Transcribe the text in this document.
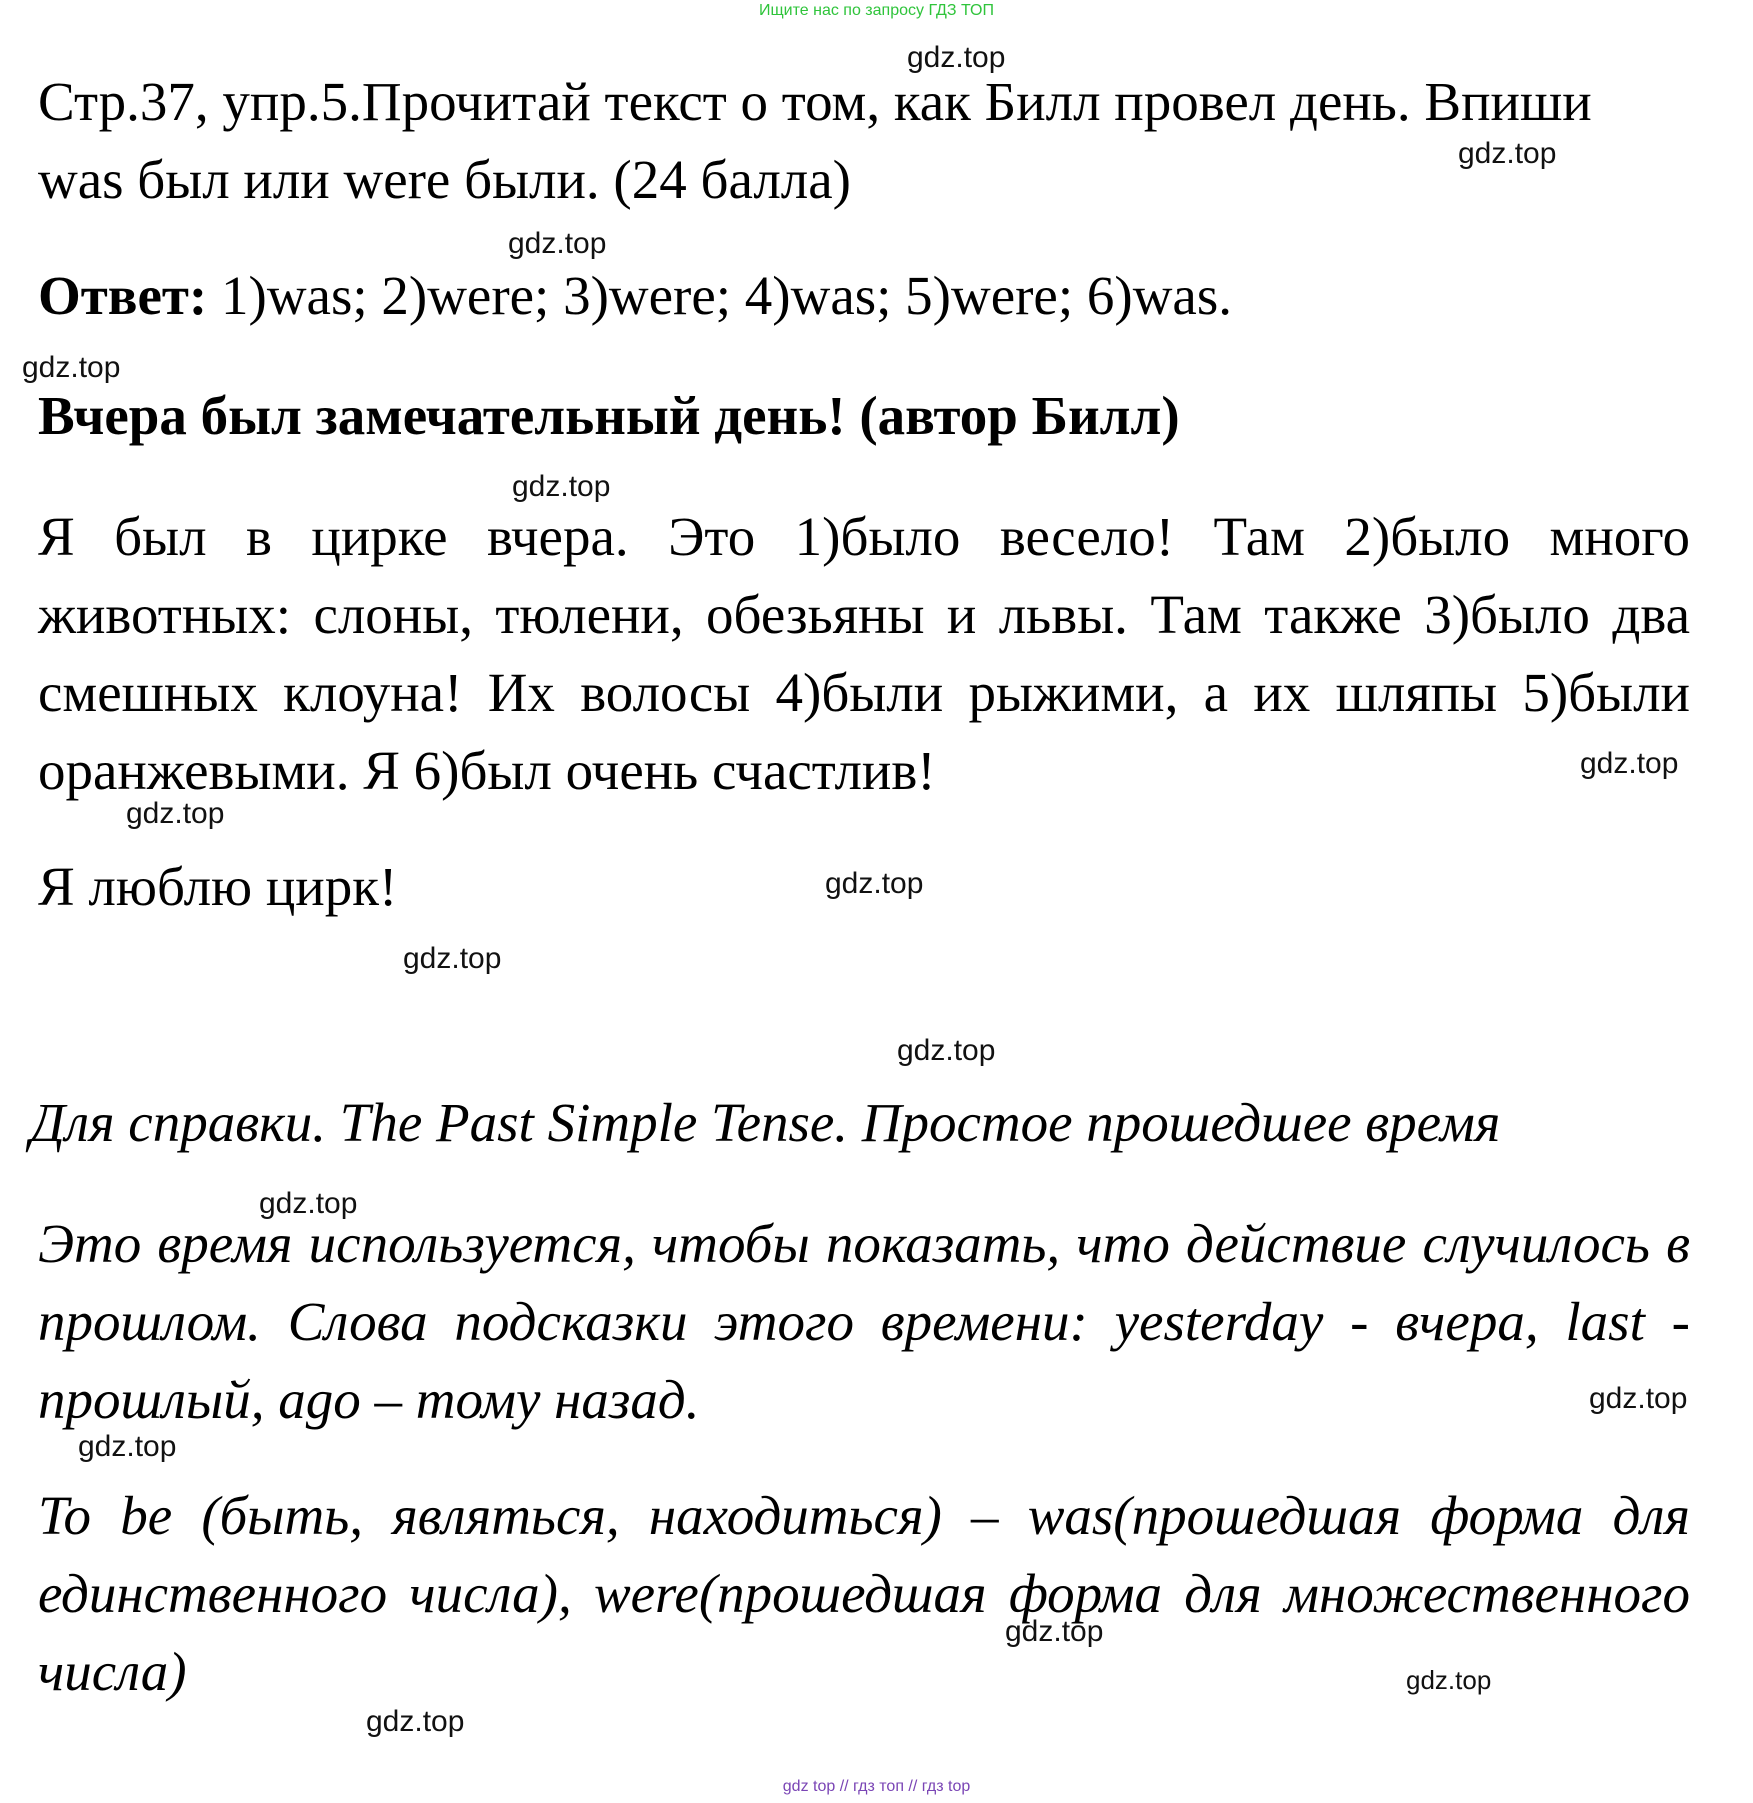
Ищите нас по запросу ГДЗ ТОП
Стр.37, упр.5.Прочитай текст о том, как Билл провел день. Впиши was был или were были. (24 балла)
Ответ: 1)was; 2)were; 3)were; 4)was; 5)were; 6)was.
Вчера был замечательный день! (автор Билл)
Я был в цирке вчера. Это 1)было весело! Там 2)было много животных: слоны, тюлени, обезьяны и львы. Там также 3)было два смешных клоуна! Их волосы 4)были рыжими, а их шляпы 5)были оранжевыми. Я 6)был очень счастлив!
Я люблю цирк!
Для справки. The Past Simple Tense. Простое прошедшее время
Это время используется, чтобы показать, что действие случилось в прошлом. Слова подсказки этого времени: yesterday - вчера, last - прошлый, ago – тому назад.
To be (быть, являться, находиться) – was(прошедшая форма для единственного числа), were(прошедшая форма для множественного числа)
gdz.top
gdz.top
gdz.top
gdz.top
gdz.top
gdz.top
gdz.top
gdz.top
gdz.top
gdz.top
gdz.top
gdz.top
gdz.top
gdz.top
gdz.top
gdz.top
gdz top // гдз топ // гдз top
